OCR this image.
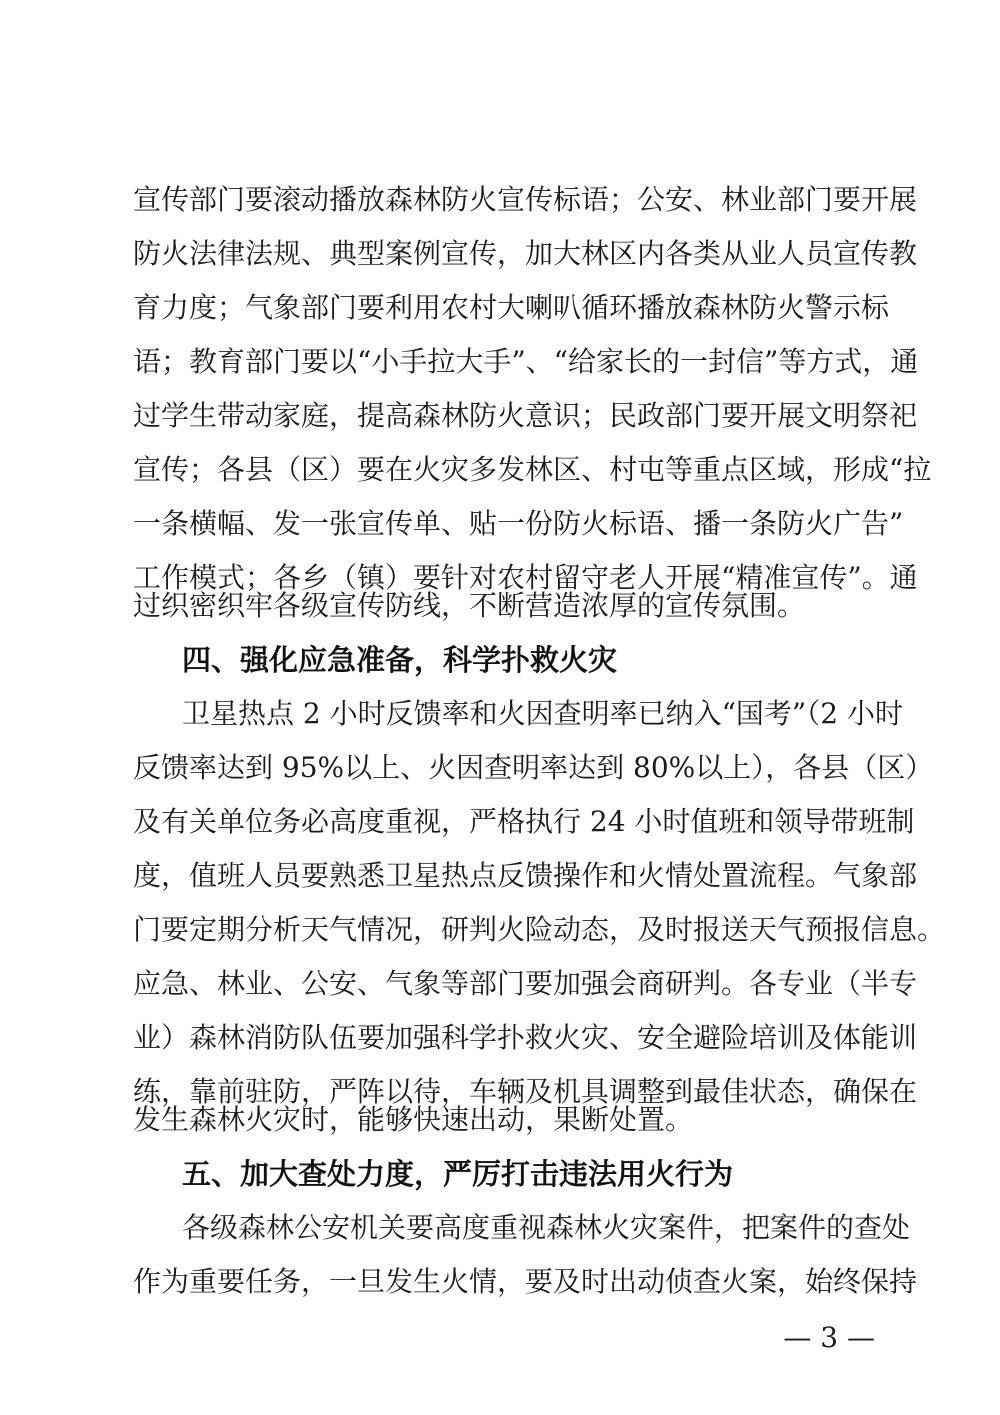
宣传部门要滚动播放森林防火宣传标语；公安、林业部门要开展
防火法律法规、典型案例宣传，加大林区内各类从业人员宣传教
育力度；气象部门要利用农村大喇叭循环播放森林防火警示标
语；教育部门要以“小手拉大手”、“给家长的一封信”等方式，通
过学生带动家庭，提高森林防火意识；民政部门要开展文明祭祀
宣传；各县（区）要在火灾多发林区、村屯等重点区域，形成“拉
一条横幅、发一张宣传单、贴一份防火标语、播一条防火广告”
工作模式；各乡（镇）要针对农村留守老人开展“精准宣传”。通
过织密织牢各级宣传防线，不断营造浓厚的宣传氛围。
四、强化应急准备，科学扑救火灾
卫星热点 2 小时反馈率和火因查明率已纳入“国考”（2 小时
反馈率达到 95%以上、火因查明率达到 80%以上），各县（区）
及有关单位务必高度重视，严格执行 24 小时值班和领导带班制
度，值班人员要熟悉卫星热点反馈操作和火情处置流程。气象部
门要定期分析天气情况，研判火险动态，及时报送天气预报信息。
应急、林业、公安、气象等部门要加强会商研判。各专业（半专
业）森林消防队伍要加强科学扑救火灾、安全避险培训及体能训
练，靠前驻防，严阵以待，车辆及机具调整到最佳状态，确保在
发生森林火灾时，能够快速出动，果断处置。
五、加大查处力度，严厉打击违法用火行为
各级森林公安机关要高度重视森林火灾案件，把案件的查处
作为重要任务，一旦发生火情，要及时出动侦查火案，始终保持
— 3 —
